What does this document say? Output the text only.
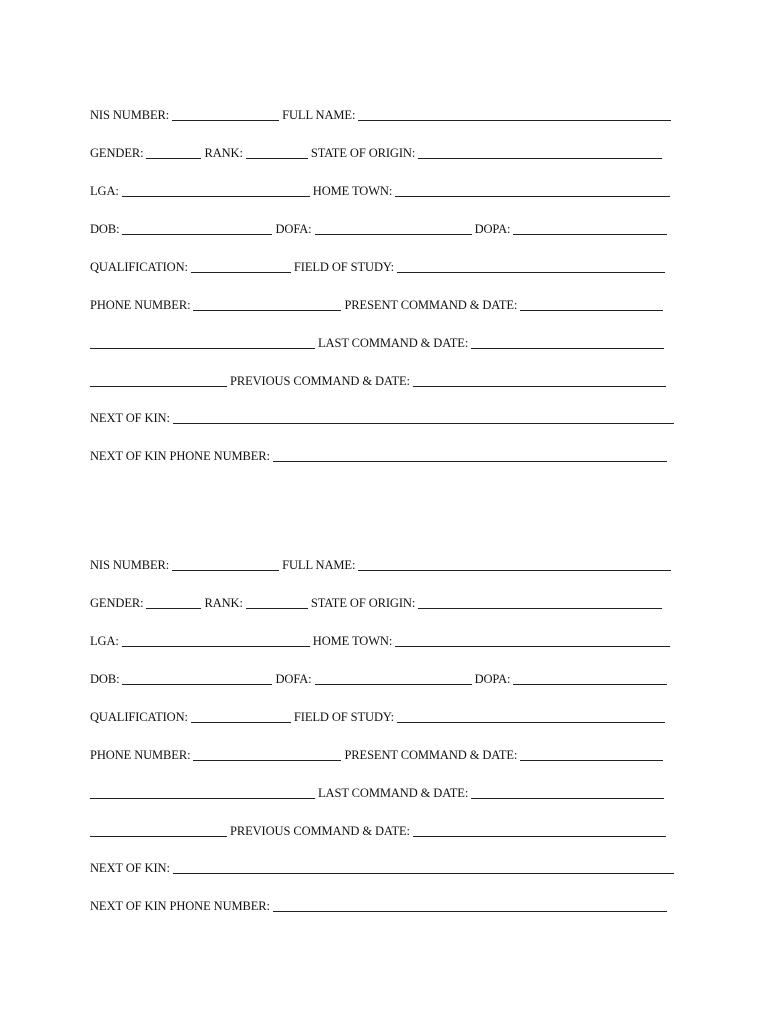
NIS NUMBER:	FULL NAME:
GENDER:	RANK:	STATE OF ORIGIN:
LGA:	HOME TOWN:
DOB:	DOFA:	DOPA:
QUALIFICATION:	FIELD OF STUDY:
PHONE NUMBER:	PRESENT COMMAND & DATE:
LAST COMMAND & DATE:
PREVIOUS COMMAND & DATE:
NEXT OF KIN:
NEXT OF KIN PHONE NUMBER:
NIS NUMBER:	FULL NAME:
GENDER:	RANK:	STATE OF ORIGIN:
LGA:	HOME TOWN:
DOB:	DOFA:	DOPA:
QUALIFICATION:	FIELD OF STUDY:
PHONE NUMBER:	PRESENT COMMAND & DATE:
LAST COMMAND & DATE:
PREVIOUS COMMAND & DATE:
NEXT OF KIN:
NEXT OF KIN PHONE NUMBER:
